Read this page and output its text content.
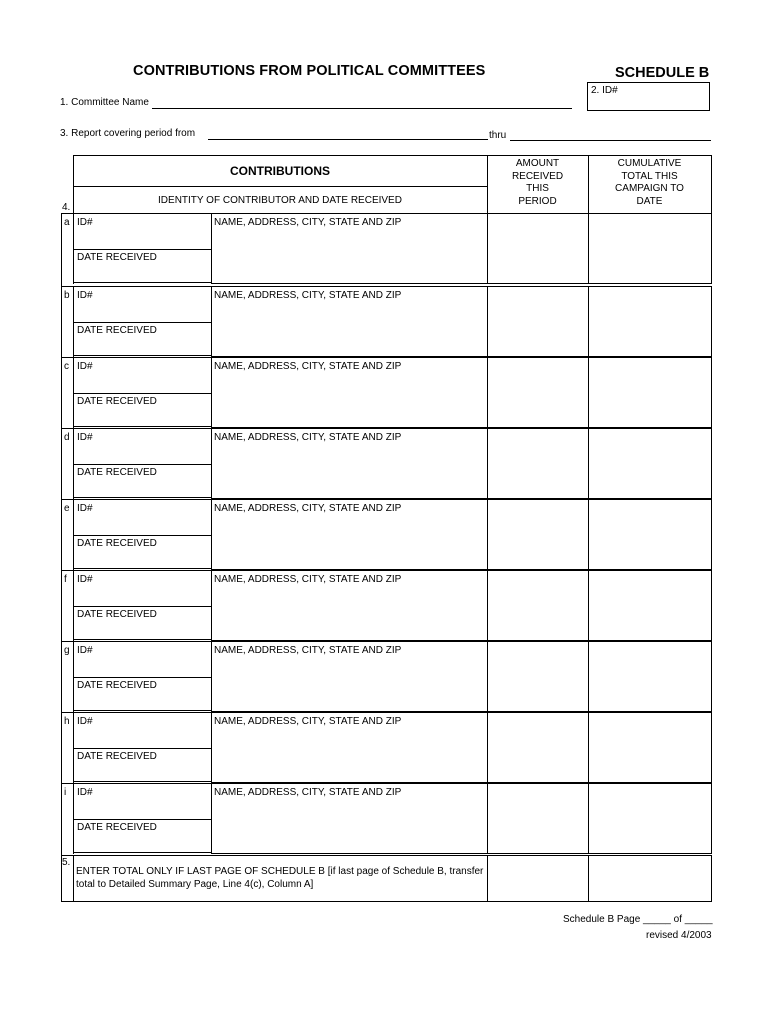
CONTRIBUTIONS FROM POLITICAL COMMITTEES	SCHEDULE B
2. ID#
1. Committee Name
3. Report covering period from	thru
CONTRIBUTIONS
IDENTITY OF CONTRIBUTOR AND DATE RECEIVED
AMOUNT
RECEIVED
THIS
PERIOD
CUMULATIVE
TOTAL THIS
CAMPAIGN TO
DATE
4.
a ID#	NAME, ADDRESS, CITY, STATE AND ZIP
DATE RECEIVED
b ID#	NAME, ADDRESS, CITY, STATE AND ZIP
DATE RECEIVED
c ID#	NAME, ADDRESS, CITY, STATE AND ZIP
DATE RECEIVED
d ID#	NAME, ADDRESS, CITY, STATE AND ZIP
DATE RECEIVED
e ID#	NAME, ADDRESS, CITY, STATE AND ZIP
DATE RECEIVED
f ID#	NAME, ADDRESS, CITY, STATE AND ZIP
DATE RECEIVED
g ID#	NAME, ADDRESS, CITY, STATE AND ZIP
DATE RECEIVED
h ID#	NAME, ADDRESS, CITY, STATE AND ZIP
DATE RECEIVED
i ID#	NAME, ADDRESS, CITY, STATE AND ZIP
DATE RECEIVED
5.
ENTER TOTAL ONLY IF LAST PAGE OF SCHEDULE B [if last page of Schedule B, transfer
total to Detailed Summary Page, Line 4(c), Column A]
Schedule B Page _____ of _____
revised 4/2003
